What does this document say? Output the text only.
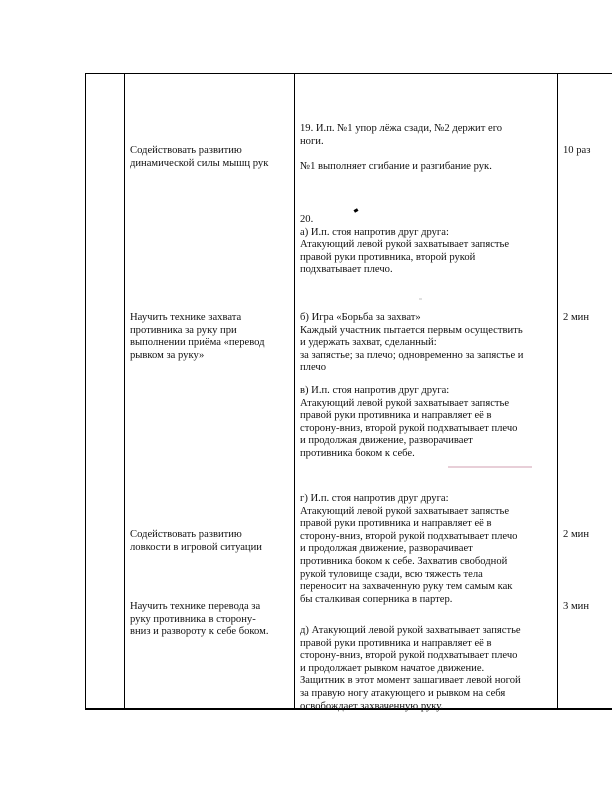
Содействовать развитию
динамической силы мышц рук
19. И.п. №1 упор лёжа сзади, №2 держит его
ноги.

№1 выполняет сгибание и разгибание рук.
10 раз
Научить технике захвата
противника за руку при
выполнении приёма «перевод
рывком за руку»
20.
а) И.п. стоя напротив друг друга:
Атакующий левой рукой захватывает запястье
правой руки противника, второй рукой
подхватывает плечо.
б) Игра «Борьба за захват»
Каждый участник пытается первым осуществить
и удержать захват, сделанный:
за запястье; за плечо; одновременно за запястье и
плечо
в) И.п. стоя напротив друг друга:
Атакующий левой рукой захватывает запястье
правой руки противника и направляет её в
сторону-вниз, второй рукой подхватывает плечо
и продолжая движение, разворачивает
противника боком к себе.
2 мин
Содействовать развитию
ловкости в игровой ситуации
г) И.п. стоя напротив друг друга:
Атакующий левой рукой захватывает запястье
правой руки противника и направляет её в
сторону-вниз, второй рукой подхватывает плечо
и продолжая движение, разворачивает
противника боком к себе. Захватив свободной
рукой туловище сзади, всю тяжесть тела
переносит на захваченную руку тем самым как
бы сталкивая соперника в партер.
2 мин
Научить технике перевода за
руку противника в сторону-
вниз и развороту к себе боком.	д) Атакующий левой рукой захватывает запястье
правой руки противника и направляет её в
сторону-вниз, второй рукой подхватывает плечо
и продолжает рывком начатое движение.
Защитник в этот момент зашагивает левой ногой
за правую ногу атакующего и рывком на себя
освобождает захваченную руку.
3 мин
